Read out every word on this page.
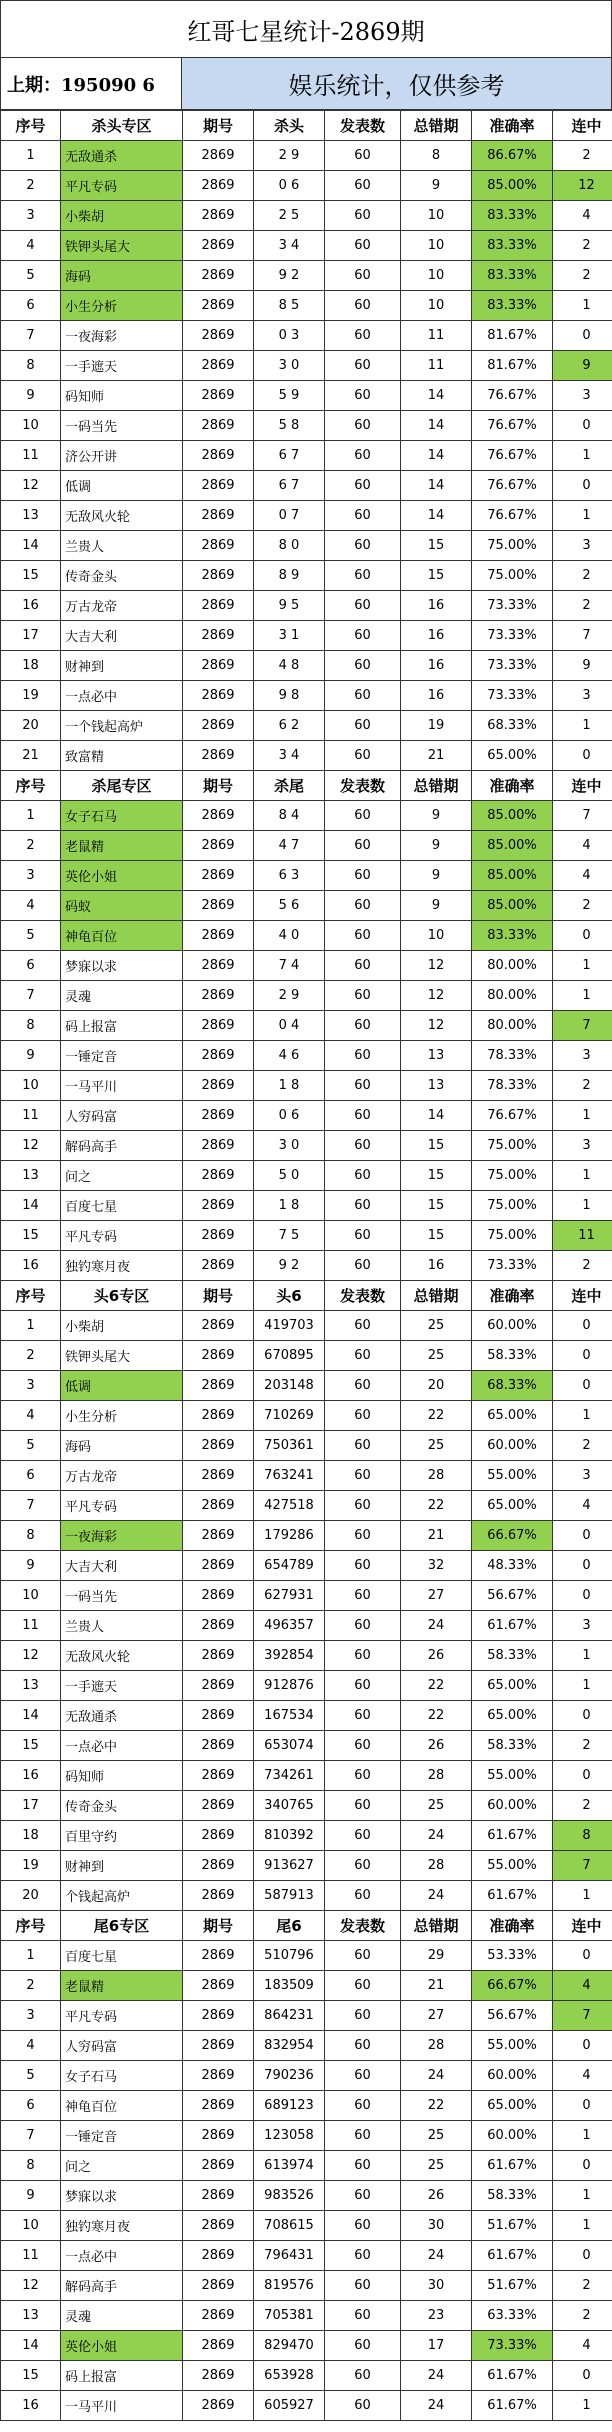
红哥七星统计-2869期
上期：195090 6	娱乐统计，仅供参考
序号	杀头专区	期号	杀头	发表数	总错期	准确率	连中
1	无敌通杀	2869	2 9	60	8	86.67%	2
2	平凡专码	2869	0 6	60	9	85.00%	12
3	小柴胡	2869	2 5	60	10	83.33%	4
4	铁钾头尾大	2869	3 4	60	10	83.33%	2
5	海码	2869	9 2	60	10	83.33%	2
6	小生分析	2869	8 5	60	10	83.33%	1
7	一夜海彩	2869	0 3	60	11	81.67%	0
8	一手遮天	2869	3 0	60	11	81.67%	9
9	码知师	2869	5 9	60	14	76.67%	3
10	一码当先	2869	5 8	60	14	76.67%	0
11	济公开讲	2869	6 7	60	14	76.67%	1
12	低调	2869	6 7	60	14	76.67%	0
13	无敌风火轮	2869	0 7	60	14	76.67%	1
14	兰贵人	2869	8 0	60	15	75.00%	3
15	传奇金头	2869	8 9	60	15	75.00%	2
16	万古龙帝	2869	9 5	60	16	73.33%	2
17	大吉大利	2869	3 1	60	16	73.33%	7
18	财神到	2869	4 8	60	16	73.33%	9
19	一点必中	2869	9 8	60	16	73.33%	3
20	一个钱起高炉	2869	6 2	60	19	68.33%	1
21	致富精	2869	3 4	60	21	65.00%	0
序号	杀尾专区	期号	杀尾	发表数	总错期	准确率	连中
1	女子石马	2869	8 4	60	9	85.00%	7
2	老鼠精	2869	4 7	60	9	85.00%	4
3	英伦小姐	2869	6 3	60	9	85.00%	4
4	码蚁	2869	5 6	60	9	85.00%	2
5	神龟百位	2869	4 0	60	10	83.33%	0
6	梦寐以求	2869	7 4	60	12	80.00%	1
7	灵魂	2869	2 9	60	12	80.00%	1
8	码上报富	2869	0 4	60	12	80.00%	7
9	一锤定音	2869	4 6	60	13	78.33%	3
10	一马平川	2869	1 8	60	13	78.33%	2
11	人穷码富	2869	0 6	60	14	76.67%	1
12	解码高手	2869	3 0	60	15	75.00%	3
13	问之	2869	5 0	60	15	75.00%	1
14	百度七星	2869	1 8	60	15	75.00%	1
15	平凡专码	2869	7 5	60	15	75.00%	11
16	独钓寒月夜	2869	9 2	60	16	73.33%	2
序号	头6专区	期号	头6	发表数	总错期	准确率	连中
1	小柴胡	2869	419703	60	25	60.00%	0
2	铁钾头尾大	2869	670895	60	25	58.33%	0
3	低调	2869	203148	60	20	68.33%	0
4	小生分析	2869	710269	60	22	65.00%	1
5	海码	2869	750361	60	25	60.00%	2
6	万古龙帝	2869	763241	60	28	55.00%	3
7	平凡专码	2869	427518	60	22	65.00%	4
8	一夜海彩	2869	179286	60	21	66.67%	0
9	大吉大利	2869	654789	60	32	48.33%	0
10	一码当先	2869	627931	60	27	56.67%	0
11	兰贵人	2869	496357	60	24	61.67%	3
12	无敌风火轮	2869	392854	60	26	58.33%	1
13	一手遮天	2869	912876	60	22	65.00%	1
14	无敌通杀	2869	167534	60	22	65.00%	0
15	一点必中	2869	653074	60	26	58.33%	2
16	码知师	2869	734261	60	28	55.00%	0
17	传奇金头	2869	340765	60	25	60.00%	2
18	百里守约	2869	810392	60	24	61.67%	8
19	财神到	2869	913627	60	28	55.00%	7
20	个钱起高炉	2869	587913	60	24	61.67%	1
序号	尾6专区	期号	尾6	发表数	总错期	准确率	连中
1	百度七星	2869	510796	60	29	53.33%	0
2	老鼠精	2869	183509	60	21	66.67%	4
3	平凡专码	2869	864231	60	27	56.67%	7
4	人穷码富	2869	832954	60	28	55.00%	0
5	女子石马	2869	790236	60	24	60.00%	4
6	神龟百位	2869	689123	60	22	65.00%	0
7	一锤定音	2869	123058	60	25	60.00%	1
8	问之	2869	613974	60	25	61.67%	0
9	梦寐以求	2869	983526	60	26	58.33%	1
10	独钓寒月夜	2869	708615	60	30	51.67%	1
11	一点必中	2869	796431	60	24	61.67%	0
12	解码高手	2869	819576	60	30	51.67%	2
13	灵魂	2869	705381	60	23	63.33%	2
14	英伦小姐	2869	829470	60	17	73.33%	4
15	码上报富	2869	653928	60	24	61.67%	0
16	一马平川	2869	605927	60	24	61.67%	1
